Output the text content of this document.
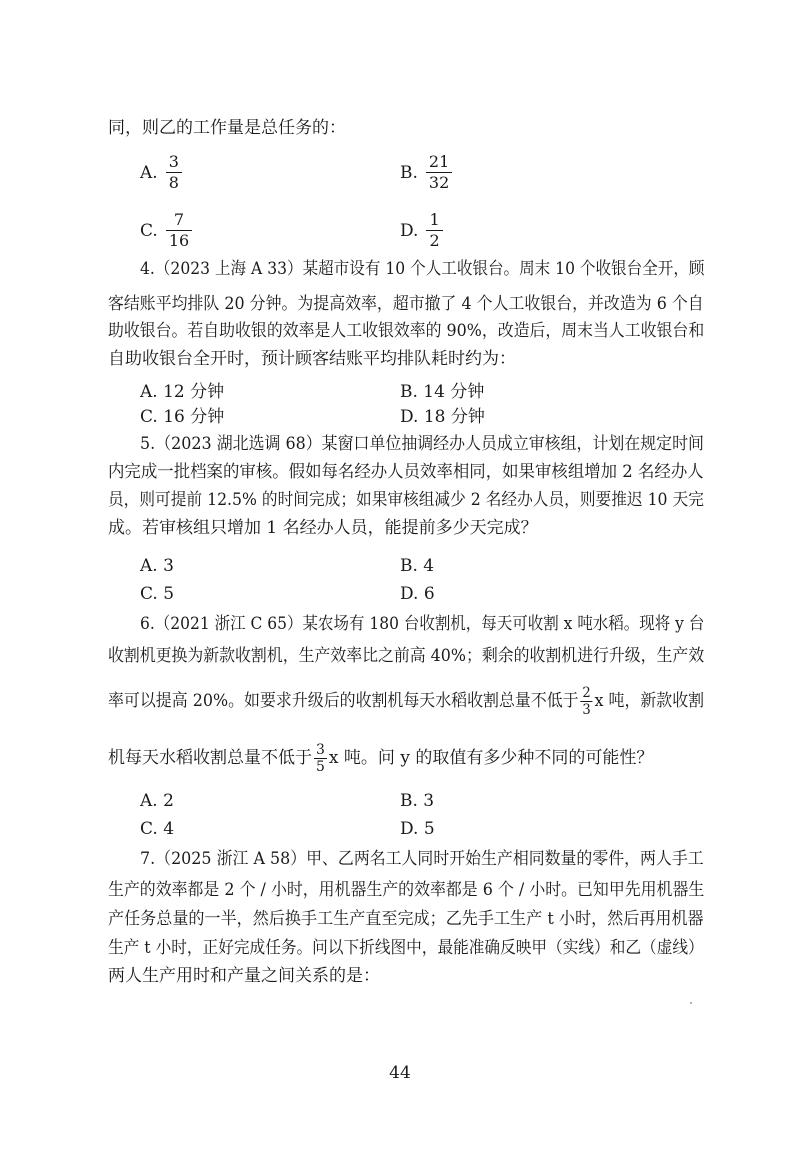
同，则乙的工作量是总任务的：
A. $\frac{3}{8}$	B. $\frac{21}{32}$
C. $\frac{7}{16}$	D. $\frac{1}{2}$
4.（2023 上海 A 33）某超市设有 10 个人工收银台。周末 10 个收银台全开，顾
客结账平均排队 20 分钟。为提高效率，超市撤了 4 个人工收银台，并改造为 6 个自
助收银台。若自助收银的效率是人工收银效率的 90%，改造后，周末当人工收银台和
自助收银台全开时，预计顾客结账平均排队耗时约为：
A. 12 分钟	B. 14 分钟
C. 16 分钟	D. 18 分钟
5.（2023 湖北选调 68）某窗口单位抽调经办人员成立审核组，计划在规定时间
内完成一批档案的审核。假如每名经办人员效率相同，如果审核组增加 2 名经办人
员，则可提前 12.5% 的时间完成；如果审核组减少 2 名经办人员，则要推迟 10 天完
成。若审核组只增加 1 名经办人员，能提前多少天完成？
A. 3	B. 4
C. 5	D. 6
6.（2021 浙江 C 65）某农场有 180 台收割机，每天可收割 x 吨水稻。现将 y 台
收割机更换为新款收割机，生产效率比之前高 40%；剩余的收割机进行升级，生产效
率可以提高 20%。如要求升级后的收割机每天水稻收割总量不低于 $\frac{2}{3}$ x 吨，新款收割
机每天水稻收割总量不低于 $\frac{3}{5}$ x 吨。问 y 的取值有多少种不同的可能性？
A. 2	B. 3
C. 4	D. 5
7.（2025 浙江 A 58）甲、乙两名工人同时开始生产相同数量的零件，两人手工
生产的效率都是 2 个 / 小时，用机器生产的效率都是 6 个 / 小时。已知甲先用机器生
产任务总量的一半，然后换手工生产直至完成；乙先手工生产 t 小时，然后再用机器
生产 t 小时，正好完成任务。问以下折线图中，最能准确反映甲（实线）和乙（虚线）
两人生产用时和产量之间关系的是：
44
